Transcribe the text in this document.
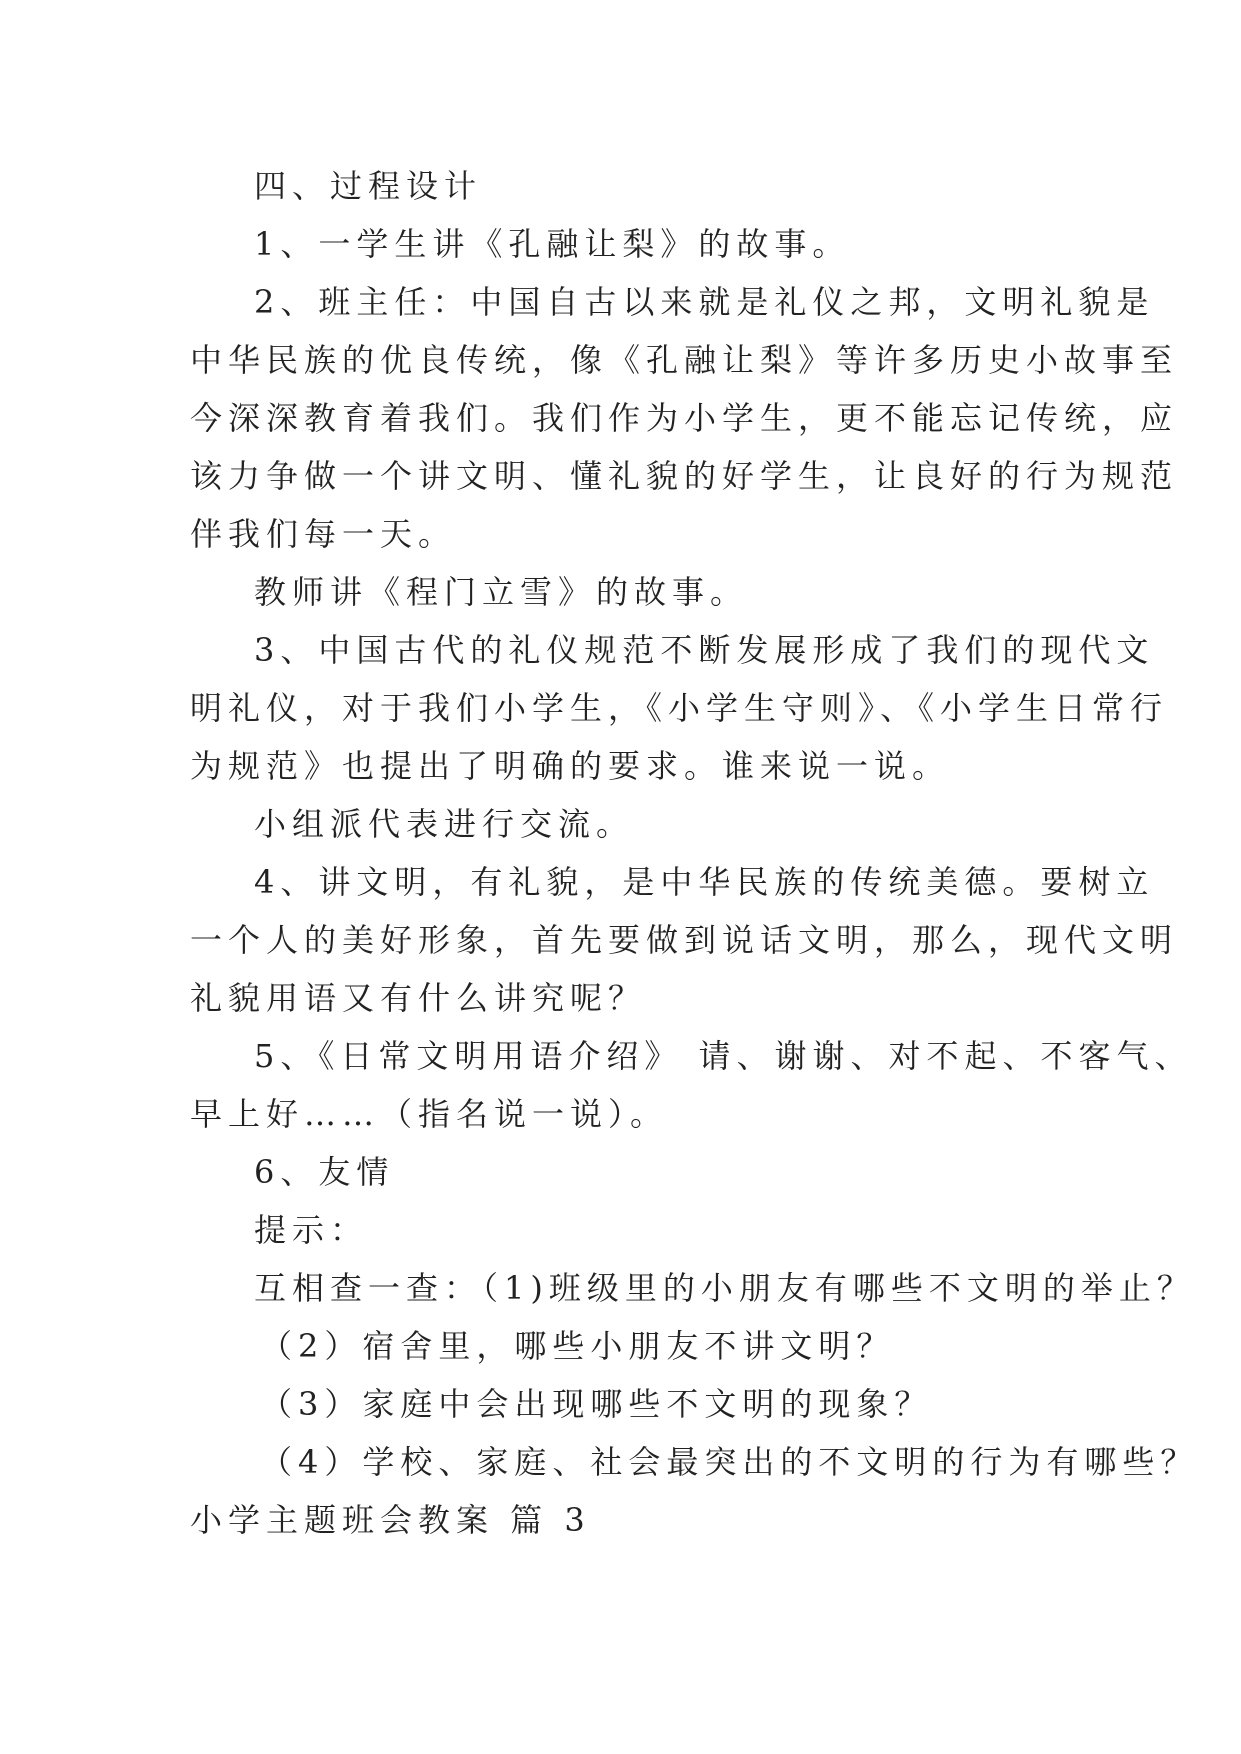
四、过程设计
1、一学生讲《孔融让梨》的故事。
2、班主任：中国自古以来就是礼仪之邦，文明礼貌是
中华民族的优良传统，像《孔融让梨》等许多历史小故事至
今深深教育着我们。我们作为小学生，更不能忘记传统，应
该力争做一个讲文明、懂礼貌的好学生，让良好的行为规范
伴我们每一天。
教师讲《程门立雪》的故事。
3、中国古代的礼仪规范不断发展形成了我们的现代文
明礼仪，对于我们小学生，《小学生守则》、《小学生日常行
为规范》也提出了明确的要求。谁来说一说。
小组派代表进行交流。
4、讲文明，有礼貌，是中华民族的传统美德。要树立
一个人的美好形象，首先要做到说话文明，那么，现代文明
礼貌用语又有什么讲究呢？
5、《日常文明用语介绍》 请、谢谢、对不起、不客气、
早上好……（指名说一说）。
6、友情
提示：
互相查一查：（1)班级里的小朋友有哪些不文明的举止？
（2）宿舍里，哪些小朋友不讲文明？
（3）家庭中会出现哪些不文明的现象？
（4）学校、家庭、社会最突出的不文明的行为有哪些？
小学主题班会教案 篇 3
